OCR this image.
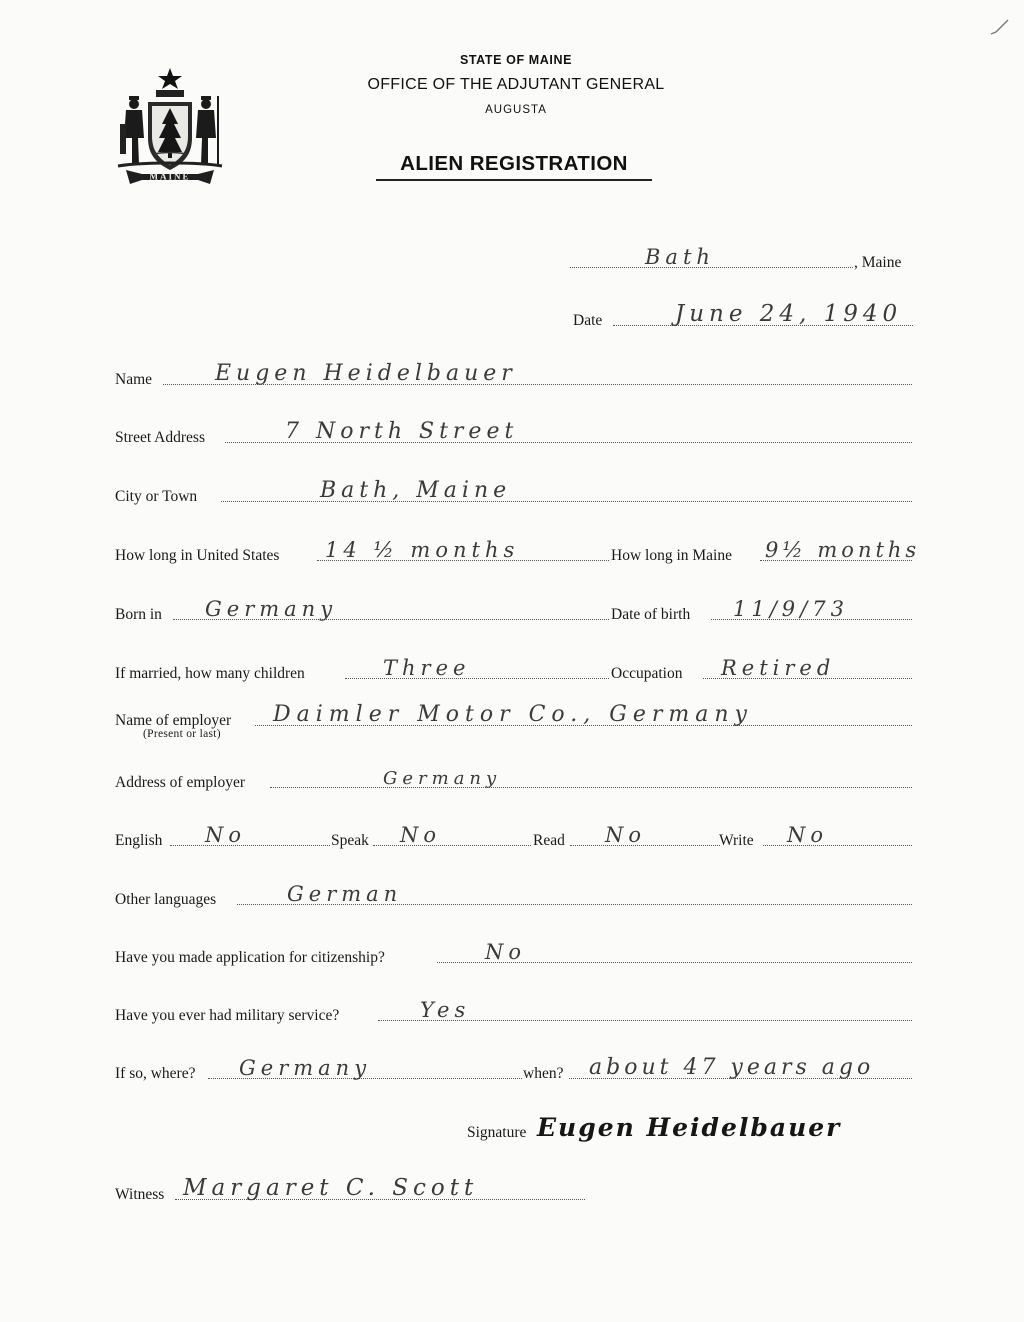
MAINE
STATE OF MAINE
OFFICE OF THE ADJUTANT GENERAL
AUGUSTA
ALIEN REGISTRATION
Bath	, Maine
Date	June 24, 1940
Name	Eugen Heidelbauer
Street Address	7 North Street
City or Town	Bath, Maine
How long in United States 14 ½ months	How long in Maine 9½ months
Born in Germany	Date of birth 11/9/73
If married, how many children	Three	Occupation Retired
Name of employer Daimler Motor Co., Germany
(Present or last)
Address of employer	Germany
English No	Speak No	Read No	Write No
Other languages	German
Have you made application for citizenship?	No
Have you ever had military service?	Yes
If so, where? Germany	when? about 47 years ago
Signature Eugen Heidelbauer
Witness Margaret C. Scott
